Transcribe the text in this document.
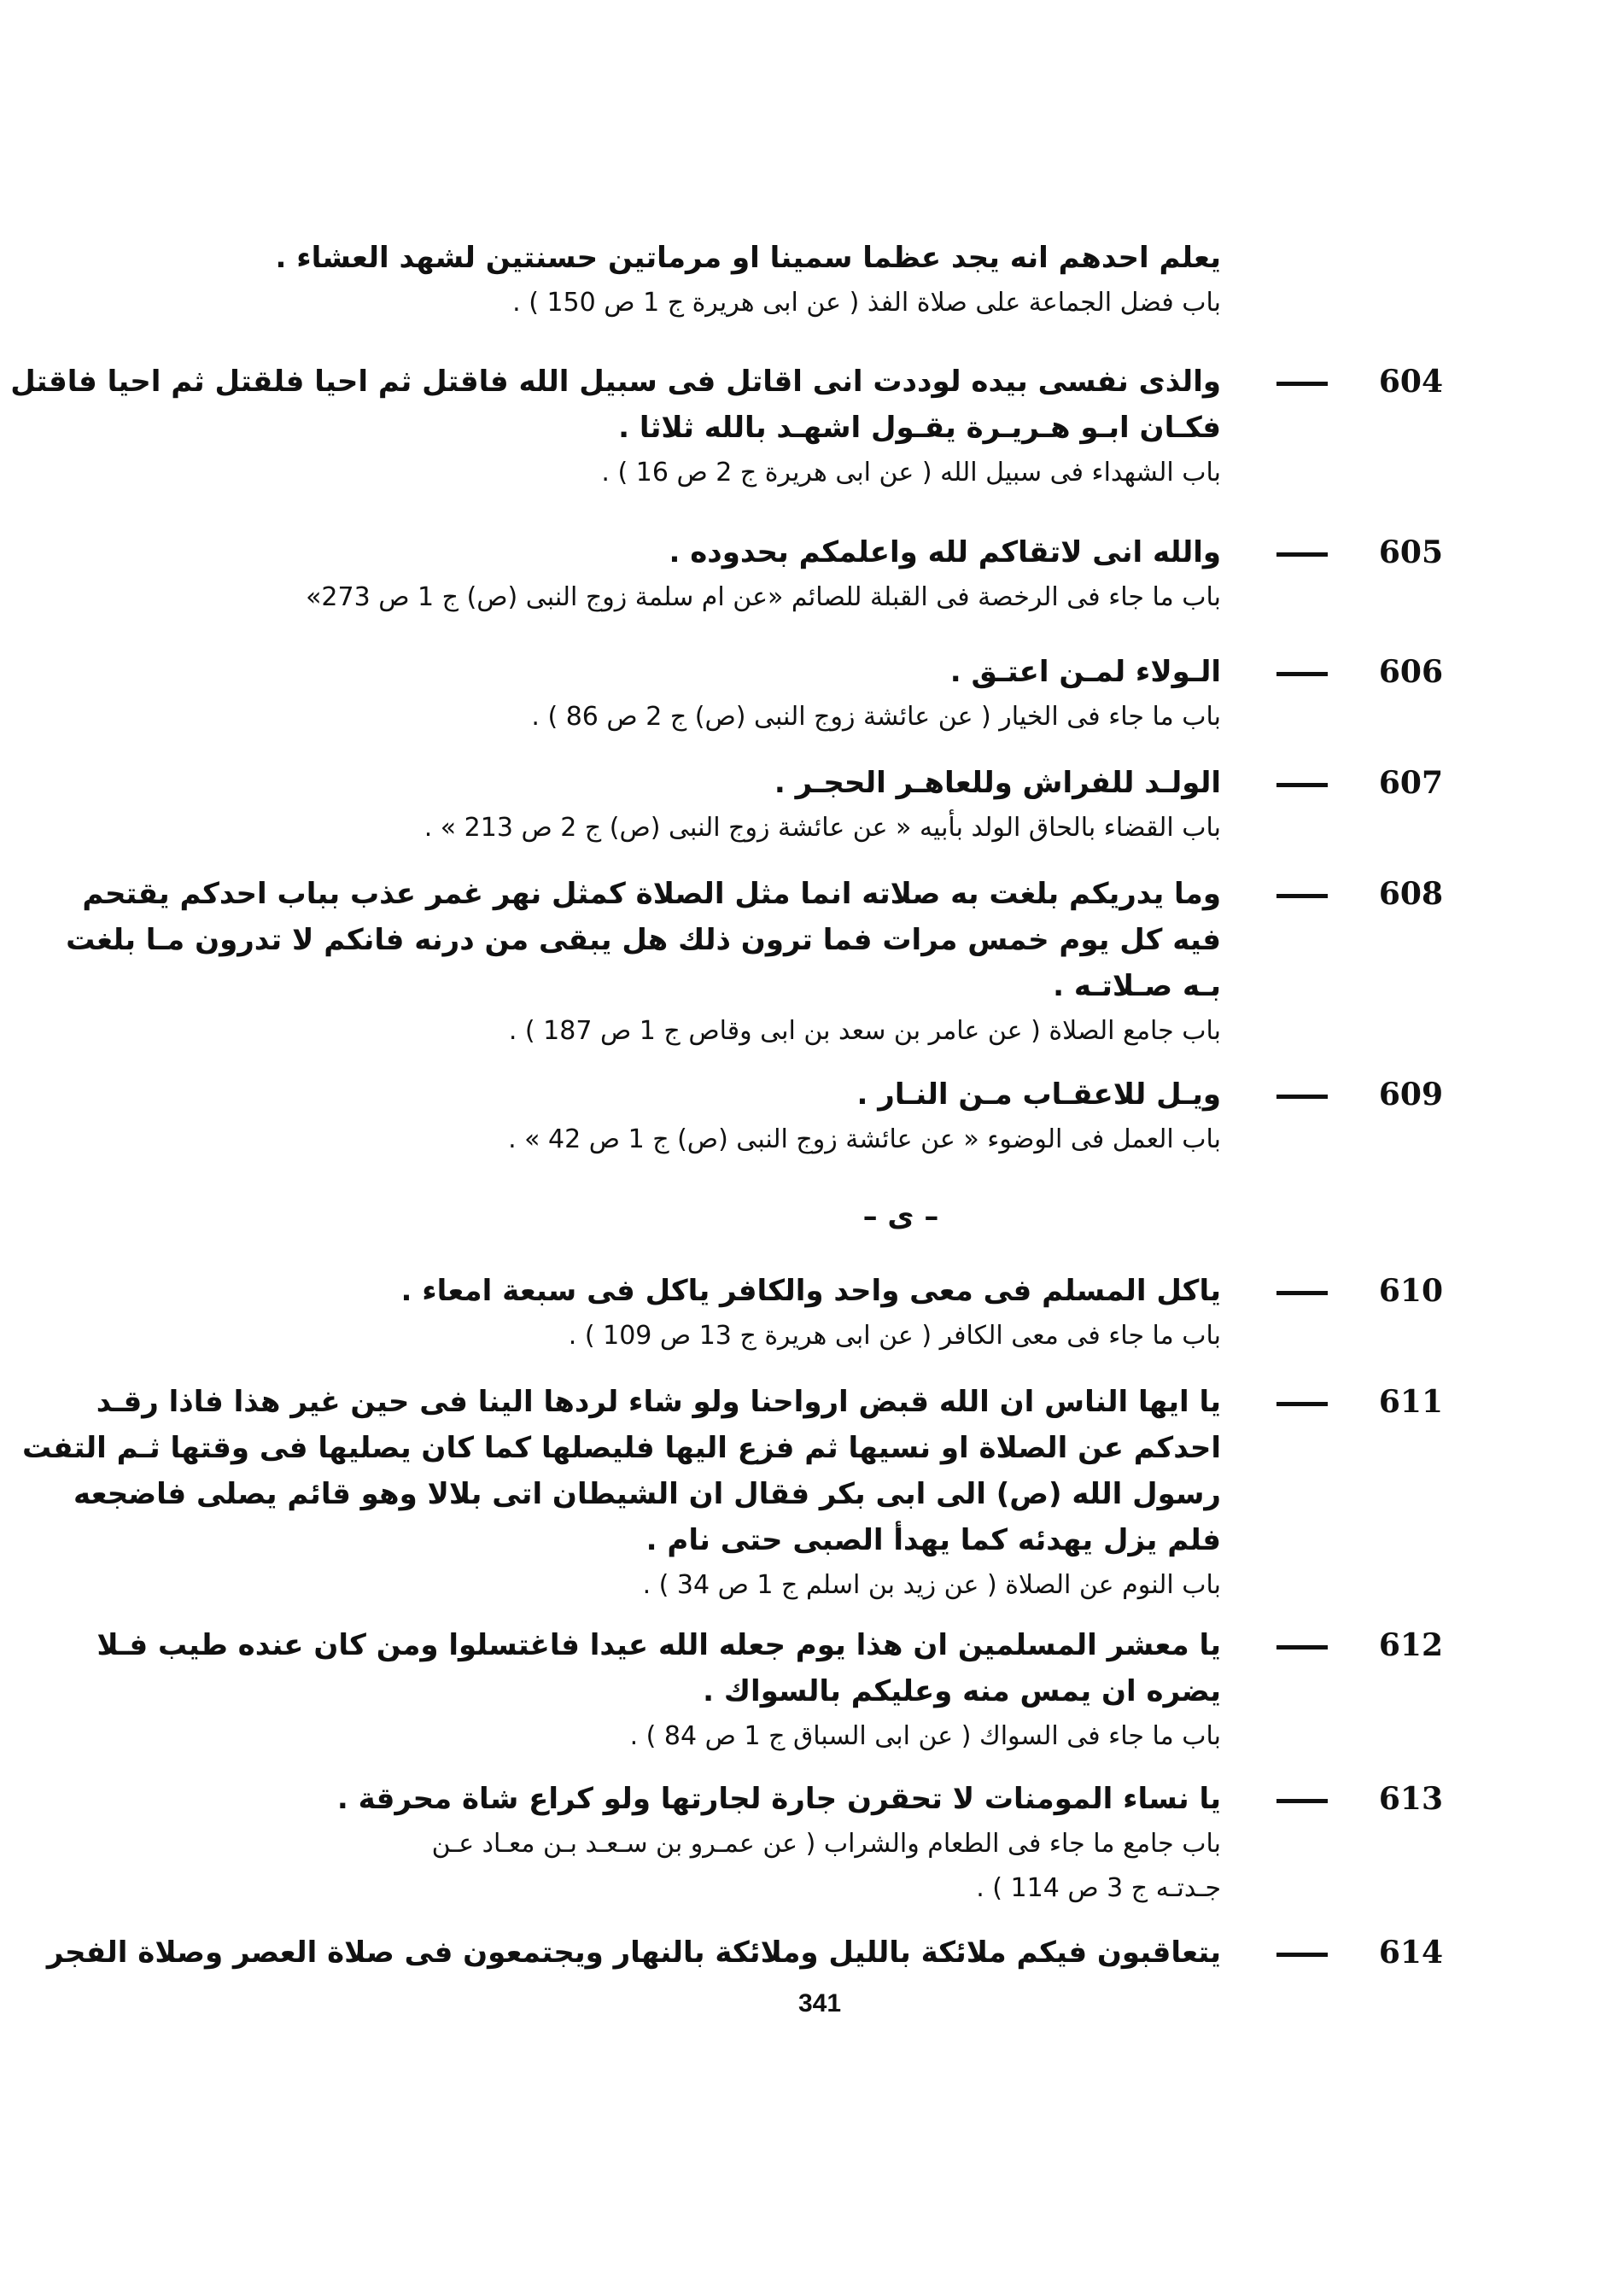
يعلم احدهم انه يجد عظما سمينا او مرماتين حسنتين لشهد العشاء .

باب فضل الجماعة على صلاة الفذ ( عن ابى هريرة ج 1 ص 150 ) .

604

والذى نفسى بيده لوددت انى اقاتل فى سبيل الله فاقتل ثم احيا فلقتل ثم احيا فاقتل

فكـان ابـو هـريـرة يقـول اشهـد بالله ثلاثا .

باب الشهداء فى سبيل الله ( عن ابى هريرة ج 2 ص 16 ) .

605

والله انى لاتقاكم لله واعلمكم بحدوده .

باب ما جاء فى الرخصة فى القبلة للصائم «عن ام سلمة زوج النبى (ص) ج 1 ص 273»

606

الـولاء لمـن اعتـق .

باب ما جاء فى الخيار ( عن عائشة زوج النبى (ص) ج 2 ص 86 ) .

607

الولـد للفراش وللعاهـر الحجـر .

باب القضاء بالحاق الولد بأبيه « عن عائشة زوج النبى (ص) ج 2 ص 213 » .

608

وما يدريكم بلغت به صلاته انما مثل الصلاة كمثل نهر غمر عذب بباب احدكم يقتحم

فيه كل يوم خمس مرات فما ترون ذلك هل يبقى من درنه فانكم لا تدرون مـا بلغت

بـه صـلاتـه .

باب جامع الصلاة ( عن عامر بن سعد بن ابى وقاص ج 1 ص 187 ) .

609

ويـل للاعقـاب مـن النـار .

باب العمل فى الوضوء « عن عائشة زوج النبى (ص) ج 1 ص 42 » .

– ى –
610

ياكل المسلم فى معى واحد والكافر ياكل فى سبعة امعاء .

باب ما جاء فى معى الكافر ( عن ابى هريرة ج 13 ص 109 ) .

611

يا ايها الناس ان الله قبض ارواحنا ولو شاء لردها الينا فى حين غير هذا فاذا رقـد

احدكم عن الصلاة او نسيها ثم فزع اليها فليصلها كما كان يصليها فى وقتها ثـم التفت

رسول الله (ص) الى ابى بكر فقال ان الشيطان اتى بلالا وهو قائم يصلى فاضجعه

فلم يزل يهدئه كما يهدأ الصبى حتى نام .

باب النوم عن الصلاة ( عن زيد بن اسلم ج 1 ص 34 ) .

612

يا معشر المسلمين ان هذا يوم جعله الله عيدا فاغتسلوا ومن كان عنده طيب فـلا

يضره ان يمس منه وعليكم بالسواك .

باب ما جاء فى السواك ( عن ابى السباق ج 1 ص 84 ) .

613

يا نساء المومنات لا تحقرن جارة لجارتها ولو كراع شاة محرقة .

باب جامع ما جاء فى الطعام والشراب ( عن عمـرو بن سـعـد بـن معـاد عـن

جـدتـه ج 3 ص 114 ) .

614

يتعاقبون فيكم ملائكة بالليل وملائكة بالنهار ويجتمعون فى صلاة العصر وصلاة الفجر

341
